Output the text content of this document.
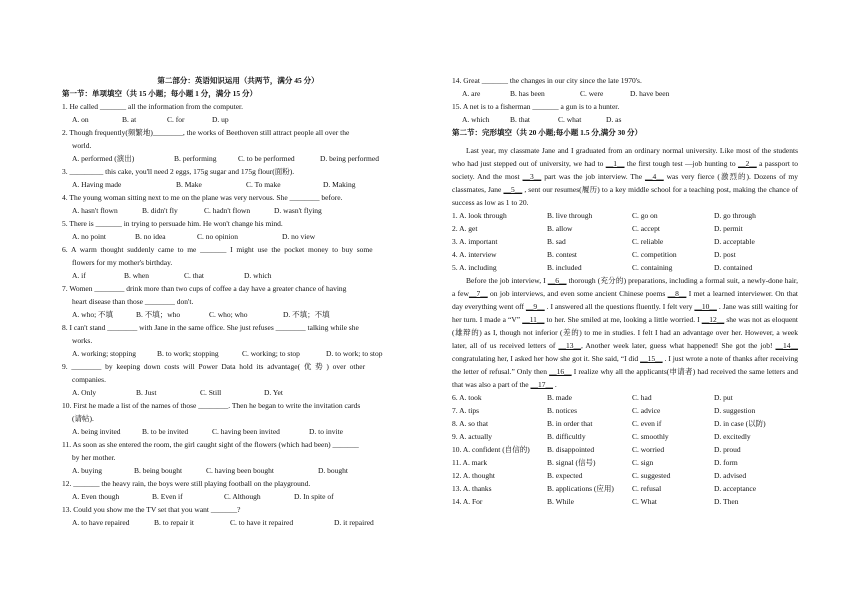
第二部分：英语知识运用（共两节，满分 45 分）
第一节：单项填空（共 15 小题；每小题 1 分，满分 15 分）
1. He called _______ all the information from the computer.
A. on	B. at	C. for	D. up
2. Though frequently(频繁地)________, the works of Beethoven still attract people all over the
world.
A. performed (演出)	B. performing	C. to be performed	D. being performed
3. _________ this cake, you'll need 2 eggs, 175g sugar and 175g flour(面粉).
A. Having made	B. Make	C. To make	D. Making
4. The young woman sitting next to me on the plane was very nervous. She ________ before.
A. hasn't flown	B. didn't fly	C. hadn't flown	D. wasn't flying
5. There is _______ in trying to persuade him. He won't change his mind.
A. no point	B. no idea	C. no opinion	D. no view
6.  A  warm  thought  suddenly  came  to  me  _______  I  might  use  the  pocket  money  to  buy  some
flowers for my mother's birthday.
A. if	B. when	C. that	D. which
7. Women ________ drink more than two cups of coffee a day have a greater chance of having
heart disease than those ________ don't.
A. who; 不填	B. 不填；who	C. who; who	D. 不填；不填
8. I can't stand ________ with Jane in the same office. She just refuses ________ talking while she
works.
A. working; stopping	B. to work; stopping	C. working; to stop	D. to work; to stop
9.  ________  by  keeping  down  costs  will  Power  Data  hold  its  advantage(  优  势  )  over  other
companies.
A. Only	B. Just	C. Still	D. Yet
10. First he made a list of the names of those ________. Then he began to write the invitation cards
(请帖).
A. being invited	B. to be invited	C. having been invited	D. to invite
11. As soon as she entered the room, the girl caught sight of the flowers (which had been) _______
by her mother.
A. buying	B. being bought	C. having been bought	D. bought
12. _______ the heavy rain, the boys were still playing football on the playground.
A. Even though	B. Even if	C. Although	D. In spite of
13. Could you show me the TV set that you want _______?
A. to have repaired	B. to repair it	C. to have it repaired	D. it repaired
14. Great _______ the changes in our city since the late 1970's.
A. are	B. has been	C. were	D. have been
15. A net is to a fisherman _______ a gun is to a hunter.
A. which	B. that	C. what	D. as
第二节：完形填空（共 20 小题;每小题 1.5 分,满分 30 分）
Last year, my classmate Jane and I graduated from an ordinary normal university. Like most of the students who had just stepped out of university, we had to __1__ the first tough test —job hunting to __2__ a passport to society. And the most __3__ part was the job interview. The __4__ was very fierce (激烈的). Dozens of my classmates, Jane __5__ , sent our resumes(履历) to a key middle school for a teaching post, making the chance of success as low as 1 to 20.
1. A. look through	B. live through	C. go on	D. go through
2. A. get	B. allow	C. accept	D. permit
3. A. important	B. sad	C. reliable	D. acceptable
4. A. interview	B. contest	C. competition	D. post
5. A. including	B. included	C. containing	D. contained
Before the job interview, I __6__ thorough (充分的) preparations, including a formal suit, a newly-done hair, a few__7__ on job interviews, and even some ancient Chinese poems __8__ I met a learned interviewer. On that day everything went off __9__ . I answered all the questions fluently. I felt very __10__ . Jane was still waiting for her turn. I made a “V” __11__ to her. She smiled at me, looking a little worried. I __12__ she was not as eloquent (雄辩的) as I, though not inferior (差的) to me in studies. I felt I had an advantage over her. However, a week later, all of us received letters of __13__, Another week later, guess what happened! She got the job! __14__ congratulating her, I asked her how she got it. She said, “I did __15__ . I just wrote a note of thanks after receiving the letter of refusal.” Only then __16__ I realize why all the applicants(申请者) had received the same letters and that was also a part of the __17__ .
6. A. took	B. made	C. had	D. put
7. A. tips	B. notices	C. advice	D. suggestion
8. A. so that	B. in order that	C. even if	D. in case (以防)
9. A. actually	B. difficultly	C. smoothly	D. excitedly
10. A. confident (自信的)	B. disappointed	C. worried	D. proud
11. A. mark	B. signal (信号)	C. sign	D. form
12. A. thought	B. expected	C. suggested	D. advised
13. A. thanks	B. applications (应用)	C. refusal	D. acceptance
14. A. For	B. While	C. What	D. Then
